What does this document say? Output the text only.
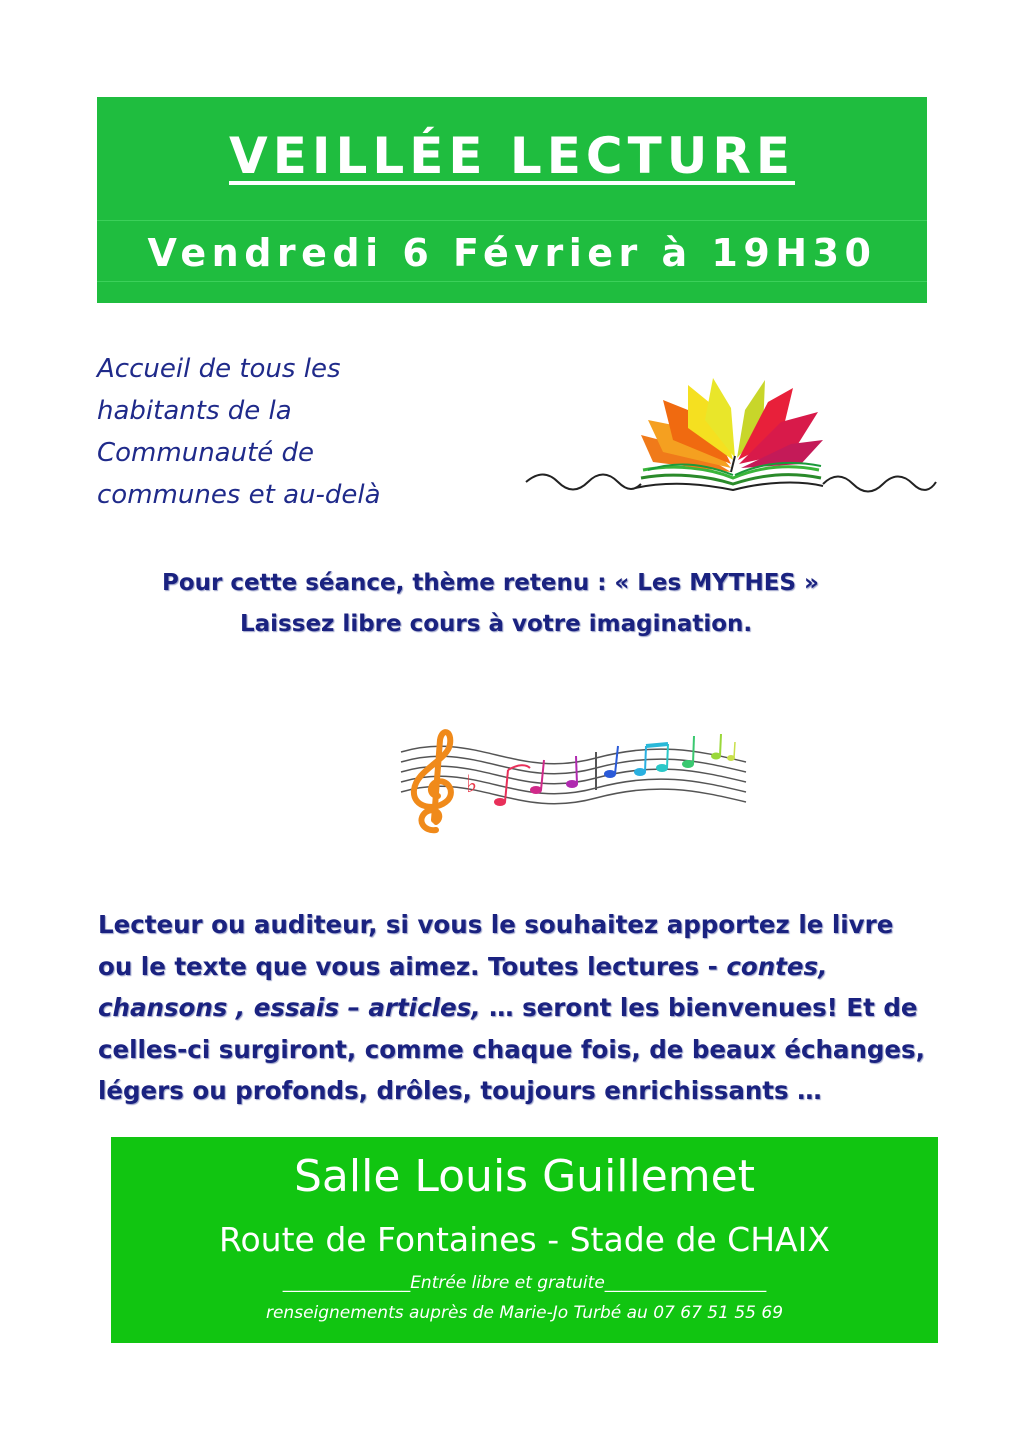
VEILLÉE LECTURE
Vendredi 6 Février à 19H30
Accueil de tous les
habitants de la
Communauté de
communes et au-delà
Pour cette séance, thème retenu : « Les MYTHES »
Laissez libre cours à votre imagination.
♭
Lecteur ou auditeur, si vous le souhaitez apportez le livre
ou le texte que vous aimez. Toutes lectures - contes,
chansons , essais – articles, … seront les bienvenues! Et de
celles-ci surgiront, comme chaque fois, de beaux échanges,
légers ou profonds, drôles, toujours enrichissants …
Salle Louis Guillemet
Route de Fontaines - Stade de CHAIX
_______________Entrée libre et gratuite___________________
renseignements auprès de Marie-Jo Turbé au 07 67 51 55 69
